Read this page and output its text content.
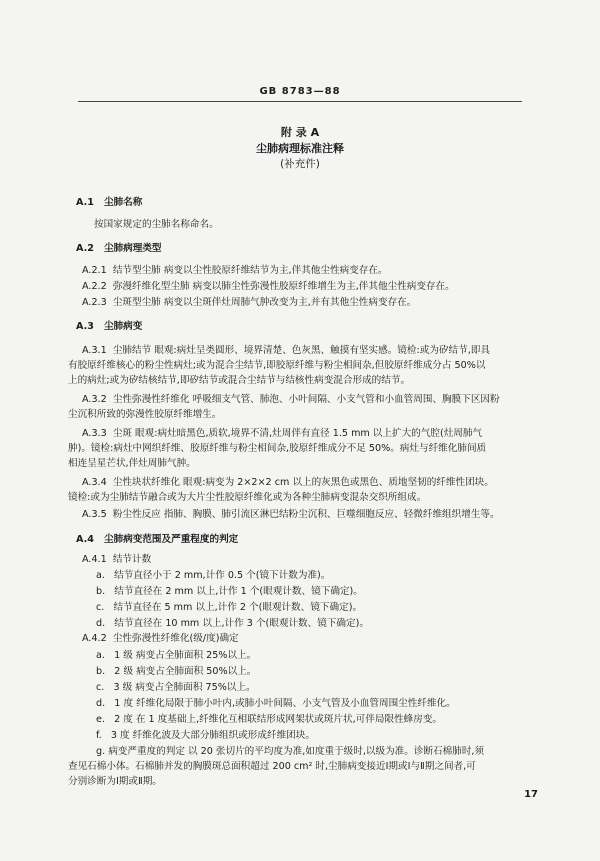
GB 8783—88
附 录 A
尘肺病理标准注释
(补充件)
A.1 尘肺名称
按国家规定的尘肺名称命名。
A.2 尘肺病理类型
A.2.1 结节型尘肺 病变以尘性胶原纤维结节为主,伴其他尘性病变存在。
A.2.2 弥漫纤维化型尘肺 病变以肺尘性弥漫性胶原纤维增生为主,伴其他尘性病变存在。
A.2.3 尘斑型尘肺 病变以尘斑伴灶周肺气肿改变为主,并有其他尘性病变存在。
A.3 尘肺病变
A.3.1 尘肺结节 眼观:病灶呈类圆形、境界清楚、色灰黑、触摸有坚实感。镜检:或为矽结节,即具
有胶原纤维核心的粉尘性病灶;或为混合尘结节,即胶原纤维与粉尘相间杂,但胶原纤维成分占 50%以
上的病灶;或为矽结核结节,即矽结节或混合尘结节与结核性病变混合形成的结节。
A.3.2 尘性弥漫性纤维化 呼吸细支气管、肺泡、小叶间隔、小支气管和小血管周围、胸膜下区因粉
尘沉积所致的弥漫性胶原纤维增生。
A.3.3 尘斑 眼观:病灶暗黑色,质软,境界不清,灶周伴有直径 1.5 mm 以上扩大的气腔(灶周肺气
肿)。镜检:病灶中网织纤维、胶原纤维与粉尘相间杂,胶原纤维成分不足 50%。病灶与纤维化肺间质
相连呈星芒状,伴灶周肺气肿。
A.3.4 尘性块状纤维化 眼观:病变为 2×2×2 cm 以上的灰黑色或黑色、质地坚韧的纤维性团块。
镜检:或为尘肺结节融合或为大片尘性胶原纤维化或为各种尘肺病变混杂交织所组成。
A.3.5 粉尘性反应 指肺、胸膜、肺引流区淋巴结粉尘沉积、巨噬细胞反应、轻微纤维组织增生等。
A.4 尘肺病变范围及严重程度的判定
A.4.1 结节计数
a. 结节直径小于 2 mm,计作 0.5 个(镜下计数为准)。
b. 结节直径在 2 mm 以上,计作 1 个(眼观计数、镜下确定)。
c. 结节直径在 5 mm 以上,计作 2 个(眼观计数、镜下确定)。
d. 结节直径在 10 mm 以上,计作 3 个(眼观计数、镜下确定)。
A.4.2 尘性弥漫性纤维化(级/度)确定
a. 1 级 病变占全肺面积 25%以上。
b. 2 级 病变占全肺面积 50%以上。
c. 3 级 病变占全肺面积 75%以上。
d. 1 度 纤维化局限于肺小叶内,或肺小叶间隔、小支气管及小血管周围尘性纤维化。
e. 2 度 在 1 度基础上,纤维化互相联结形成网架状或斑片状,可伴局限性蜂房变。
f. 3 度 纤维化波及大部分肺组织或形成纤维团块。
g. 病变严重度的判定 以 20 张切片的平均度为准,如度重于级时,以级为准。诊断石棉肺时,须
查见石棉小体。石棉肺并发的胸膜斑总面积超过 200 cm² 时,尘肺病变接近Ⅰ期或Ⅰ与Ⅱ期之间者,可
分别诊断为Ⅰ期或Ⅱ期。
17
